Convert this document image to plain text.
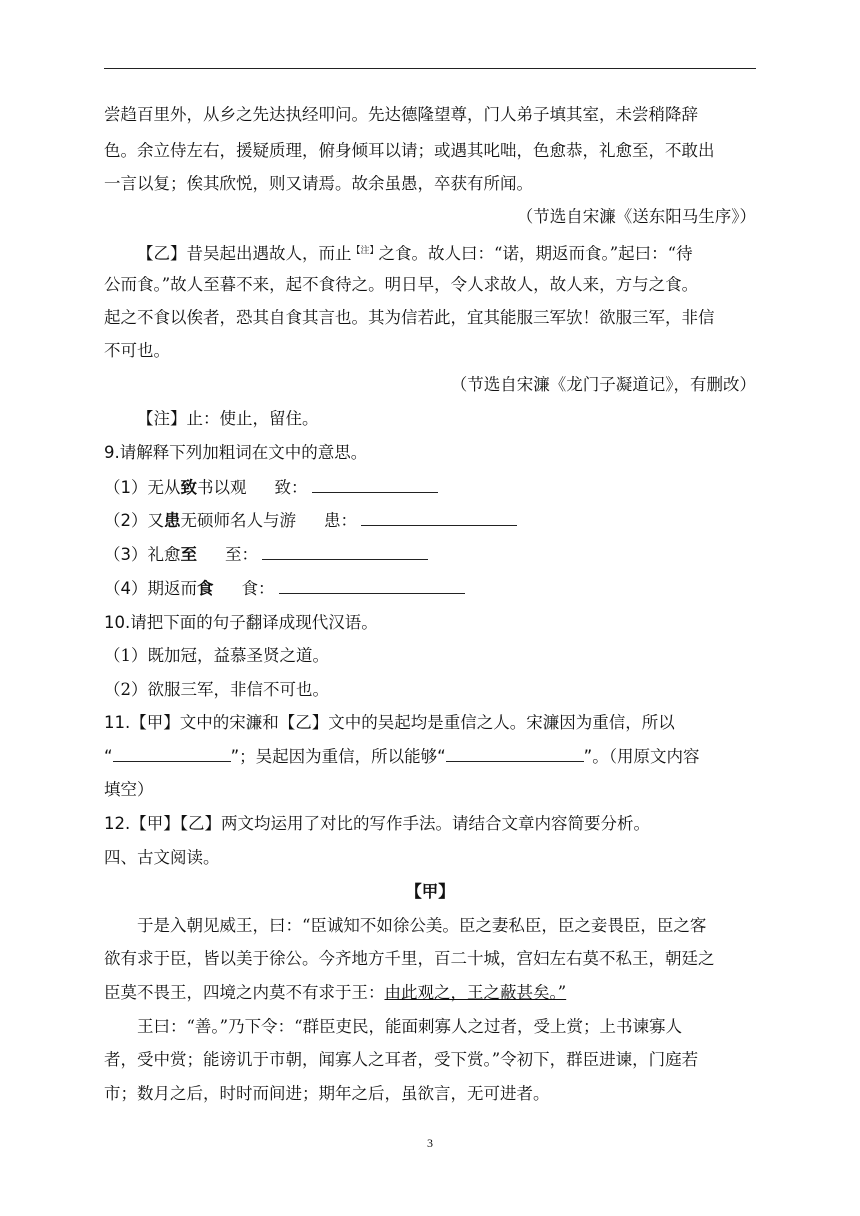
尝趋百里外，从乡之先达执经叩问。先达德隆望尊，门人弟子填其室，未尝稍降辞
色。余立侍左右，援疑质理，俯身倾耳以请；或遇其叱咄，色愈恭，礼愈至，不敢出
一言以复；俟其欣悦，则又请焉。故余虽愚，卒获有所闻。
（节选自宋濂《送东阳马生序》）
【乙】昔吴起出遇故人，而止$^{【注】}$之食。故人曰：“诺，期返而食。”起曰：“待
公而食。”故人至暮不来，起不食待之。明日早，令人求故人，故人来，方与之食。
起之不食以俟者，恐其自食其言也。其为信若此，宜其能服三军欤！欲服三军，非信
不可也。
（节选自宋濂《龙门子凝道记》，有删改）
【注】止：使止，留住。
9.请解释下列加粗词在文中的意思。
（1）无从致书以观 致：
（2）又患无硕师名人与游 患：
（3）礼愈至 至：
（4）期返而食 食：
10.请把下面的句子翻译成现代汉语。
（1）既加冠，益慕圣贤之道。
（2）欲服三军，非信不可也。
11.【甲】文中的宋濂和【乙】文中的吴起均是重信之人。宋濂因为重信，所以
“	”；吴起因为重信，所以能够“	”。（用原文内容
填空）
12.【甲】【乙】两文均运用了对比的写作手法。请结合文章内容简要分析。
四、古文阅读。
【甲】
于是入朝见威王，曰：“臣诚知不如徐公美。臣之妻私臣，臣之妾畏臣，臣之客
欲有求于臣，皆以美于徐公。今齐地方千里，百二十城，宫妇左右莫不私王，朝廷之
臣莫不畏王，四境之内莫不有求于王：由此观之，王之蔽甚矣。”
王曰：“善。”乃下令：“群臣吏民，能面刺寡人之过者，受上赏；上书谏寡人
者，受中赏；能谤讥于市朝，闻寡人之耳者，受下赏。”令初下，群臣进谏，门庭若
市；数月之后，时时而间进；期年之后，虽欲言，无可进者。
3
